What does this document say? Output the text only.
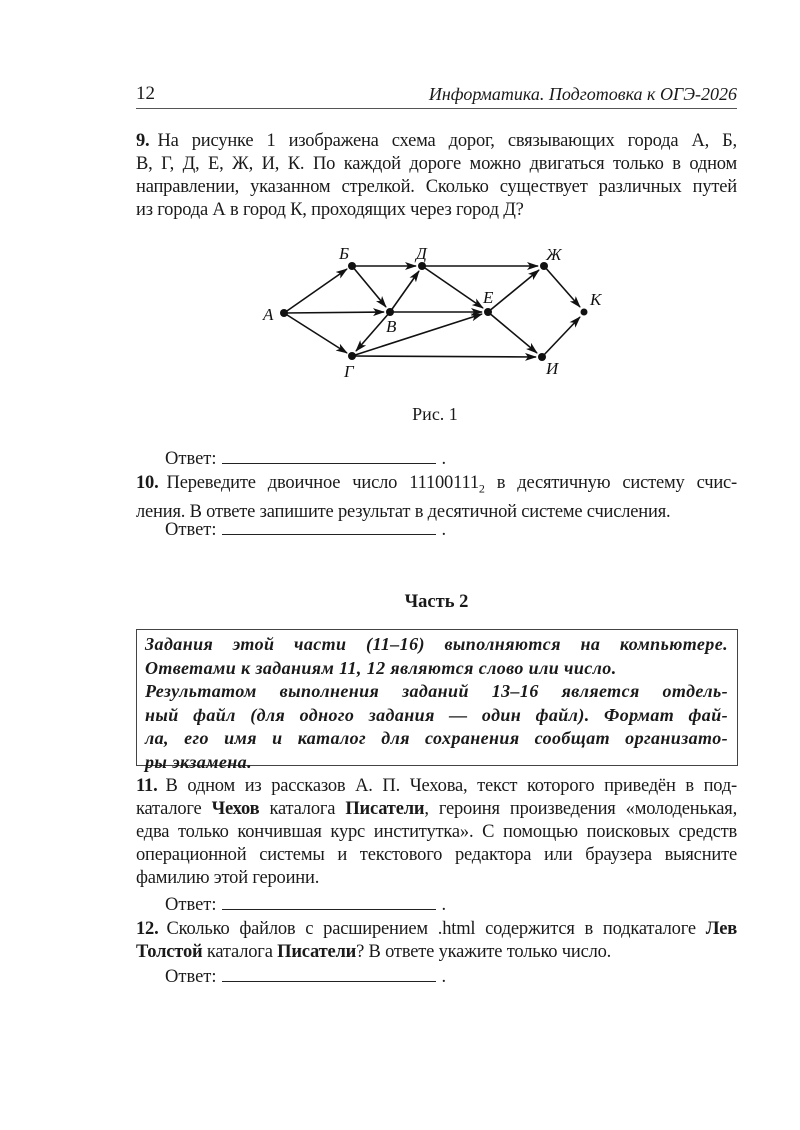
12	Информатика. Подготовка к ОГЭ-2026
9. На рисунке 1 изображена схема дорог, связывающих города А, Б,
В, Г, Д, Е, Ж, И, К. По каждой дороге можно двигаться только в одном
направлении, указанном стрелкой. Сколько существует различных путей
из города А в город К, проходящих через город Д?
А
Б
В
Г
Д
Е
Ж
К
И
Рис. 1
Ответ:	.
10. Переведите двоичное число $11100111_2$ в десятичную систему счис-
ления. В ответе запишите результат в десятичной системе счисления.
Ответ:	.
Часть 2
Задания этой части (11–16) выполняются на компьютере.
Ответами к заданиям 11, 12 являются слово или число.
Результатом выполнения заданий 13–16 является отдель-
ный файл (для одного задания — один файл). Формат фай-
ла, его имя и каталог для сохранения сообщат организато-
ры экзамена.
11. В одном из рассказов А. П. Чехова, текст которого приведён в под-каталоге Чехов каталога Писатели, героиня произведения «молоденькая, едва только кончившая курс институтка». С помощью поисковых средств операционной системы и текстового редактора или браузера выясните фамилию этой героини.
Ответ:	.
12. Сколько файлов с расширением .html содержится в подкаталоге Лев Толстой каталога Писатели? В ответе укажите только число.
Ответ:	.
